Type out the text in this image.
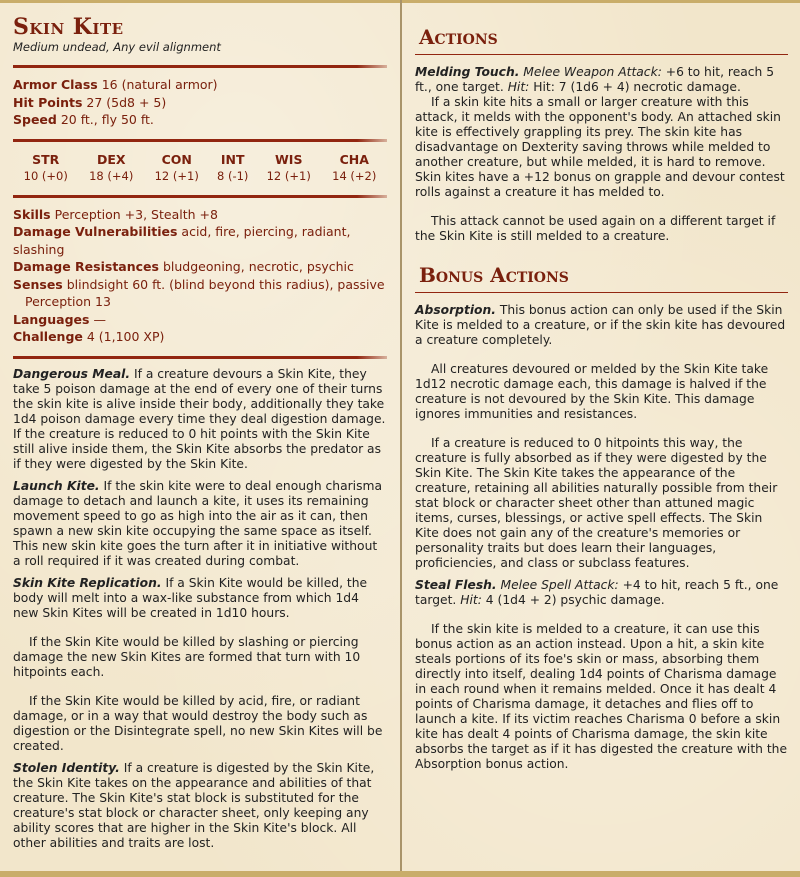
Skin Kite
Medium undead, Any evil alignment
Armor Class 16 (natural armor)
Hit Points 27 (5d8 + 5)
Speed 20 ft., fly 50 ft.
STR	DEX	CON	INT	WIS	CHA
10 (+0)	18 (+4)	12 (+1)	8 (-1)	12 (+1)	14 (+2)
Skills Perception +3, Stealth +8
Damage Vulnerabilities acid, fire, piercing, radiant, slashing
Damage Resistances bludgeoning, necrotic, psychic
Senses blindsight 60 ft. (blind beyond this radius), passive Perception 13
Languages —
Challenge 4 (1,100 XP)

Dangerous Meal. If a creature devours a Skin Kite, they take 5 poison damage at the end of every one of their turns the skin kite is alive inside their body, additionally they take 1d4 poison damage every time they deal digestion damage. If the creature is reduced to 0 hit points with the Skin Kite still alive inside them, the Skin Kite absorbs the predator as if they were digested by the Skin Kite.

Launch Kite. If the skin kite were to deal enough charisma damage to detach and launch a kite, it uses its remaining movement speed to go as high into the air as it can, then spawn a new skin kite occupying the same space as itself. This new skin kite goes the turn after it in initiative without a roll required if it was created during combat.

Skin Kite Replication. If a Skin Kite would be killed, the body will melt into a wax-like substance from which 1d4 new Skin Kites will be created in 1d10 hours.

If the Skin Kite would be killed by slashing or piercing damage the new Skin Kites are formed that turn with 10 hitpoints each.

If the Skin Kite would be killed by acid, fire, or radiant damage, or in a way that would destroy the body such as digestion or the Disintegrate spell, no new Skin Kites will be created.

Stolen Identity. If a creature is digested by the Skin Kite, the Skin Kite takes on the appearance and abilities of that creature. The Skin Kite's stat block is substituted for the creature's stat block or character sheet, only keeping any ability scores that are higher in the Skin Kite's block. All other abilities and traits are lost.

Actions

Melding Touch. Melee Weapon Attack: +6 to hit, reach 5 ft., one target. Hit: Hit: 7 (1d6 + 4) necrotic damage.

If a skin kite hits a small or larger creature with this attack, it melds with the opponent's body. An attached skin kite is effectively grappling its prey. The skin kite has disadvantage on Dexterity saving throws while melded to another creature, but while melded, it is hard to remove. Skin kites have a +12 bonus on grapple and devour contest rolls against a creature it has melded to.

This attack cannot be used again on a different target if the Skin Kite is still melded to a creature.

Bonus Actions

Absorption. This bonus action can only be used if the Skin Kite is melded to a creature, or if the skin kite has devoured a creature completely.

All creatures devoured or melded by the Skin Kite take 1d12 necrotic damage each, this damage is halved if the creature is not devoured by the Skin Kite. This damage ignores immunities and resistances.

If a creature is reduced to 0 hitpoints this way, the creature is fully absorbed as if they were digested by the Skin Kite. The Skin Kite takes the appearance of the creature, retaining all abilities naturally possible from their stat block or character sheet other than attuned magic items, curses, blessings, or active spell effects. The Skin Kite does not gain any of the creature's memories or personality traits but does learn their languages, proficiencies, and class or subclass features.

Steal Flesh. Melee Spell Attack: +4 to hit, reach 5 ft., one target. Hit: 4 (1d4 + 2) psychic damage.

If the skin kite is melded to a creature, it can use this bonus action as an action instead. Upon a hit, a skin kite steals portions of its foe's skin or mass, absorbing them directly into itself, dealing 1d4 points of Charisma damage in each round when it remains melded. Once it has dealt 4 points of Charisma damage, it detaches and flies off to launch a kite. If its victim reaches Charisma 0 before a skin kite has dealt 4 points of Charisma damage, the skin kite absorbs the target as if it has digested the creature with the Absorption bonus action.
